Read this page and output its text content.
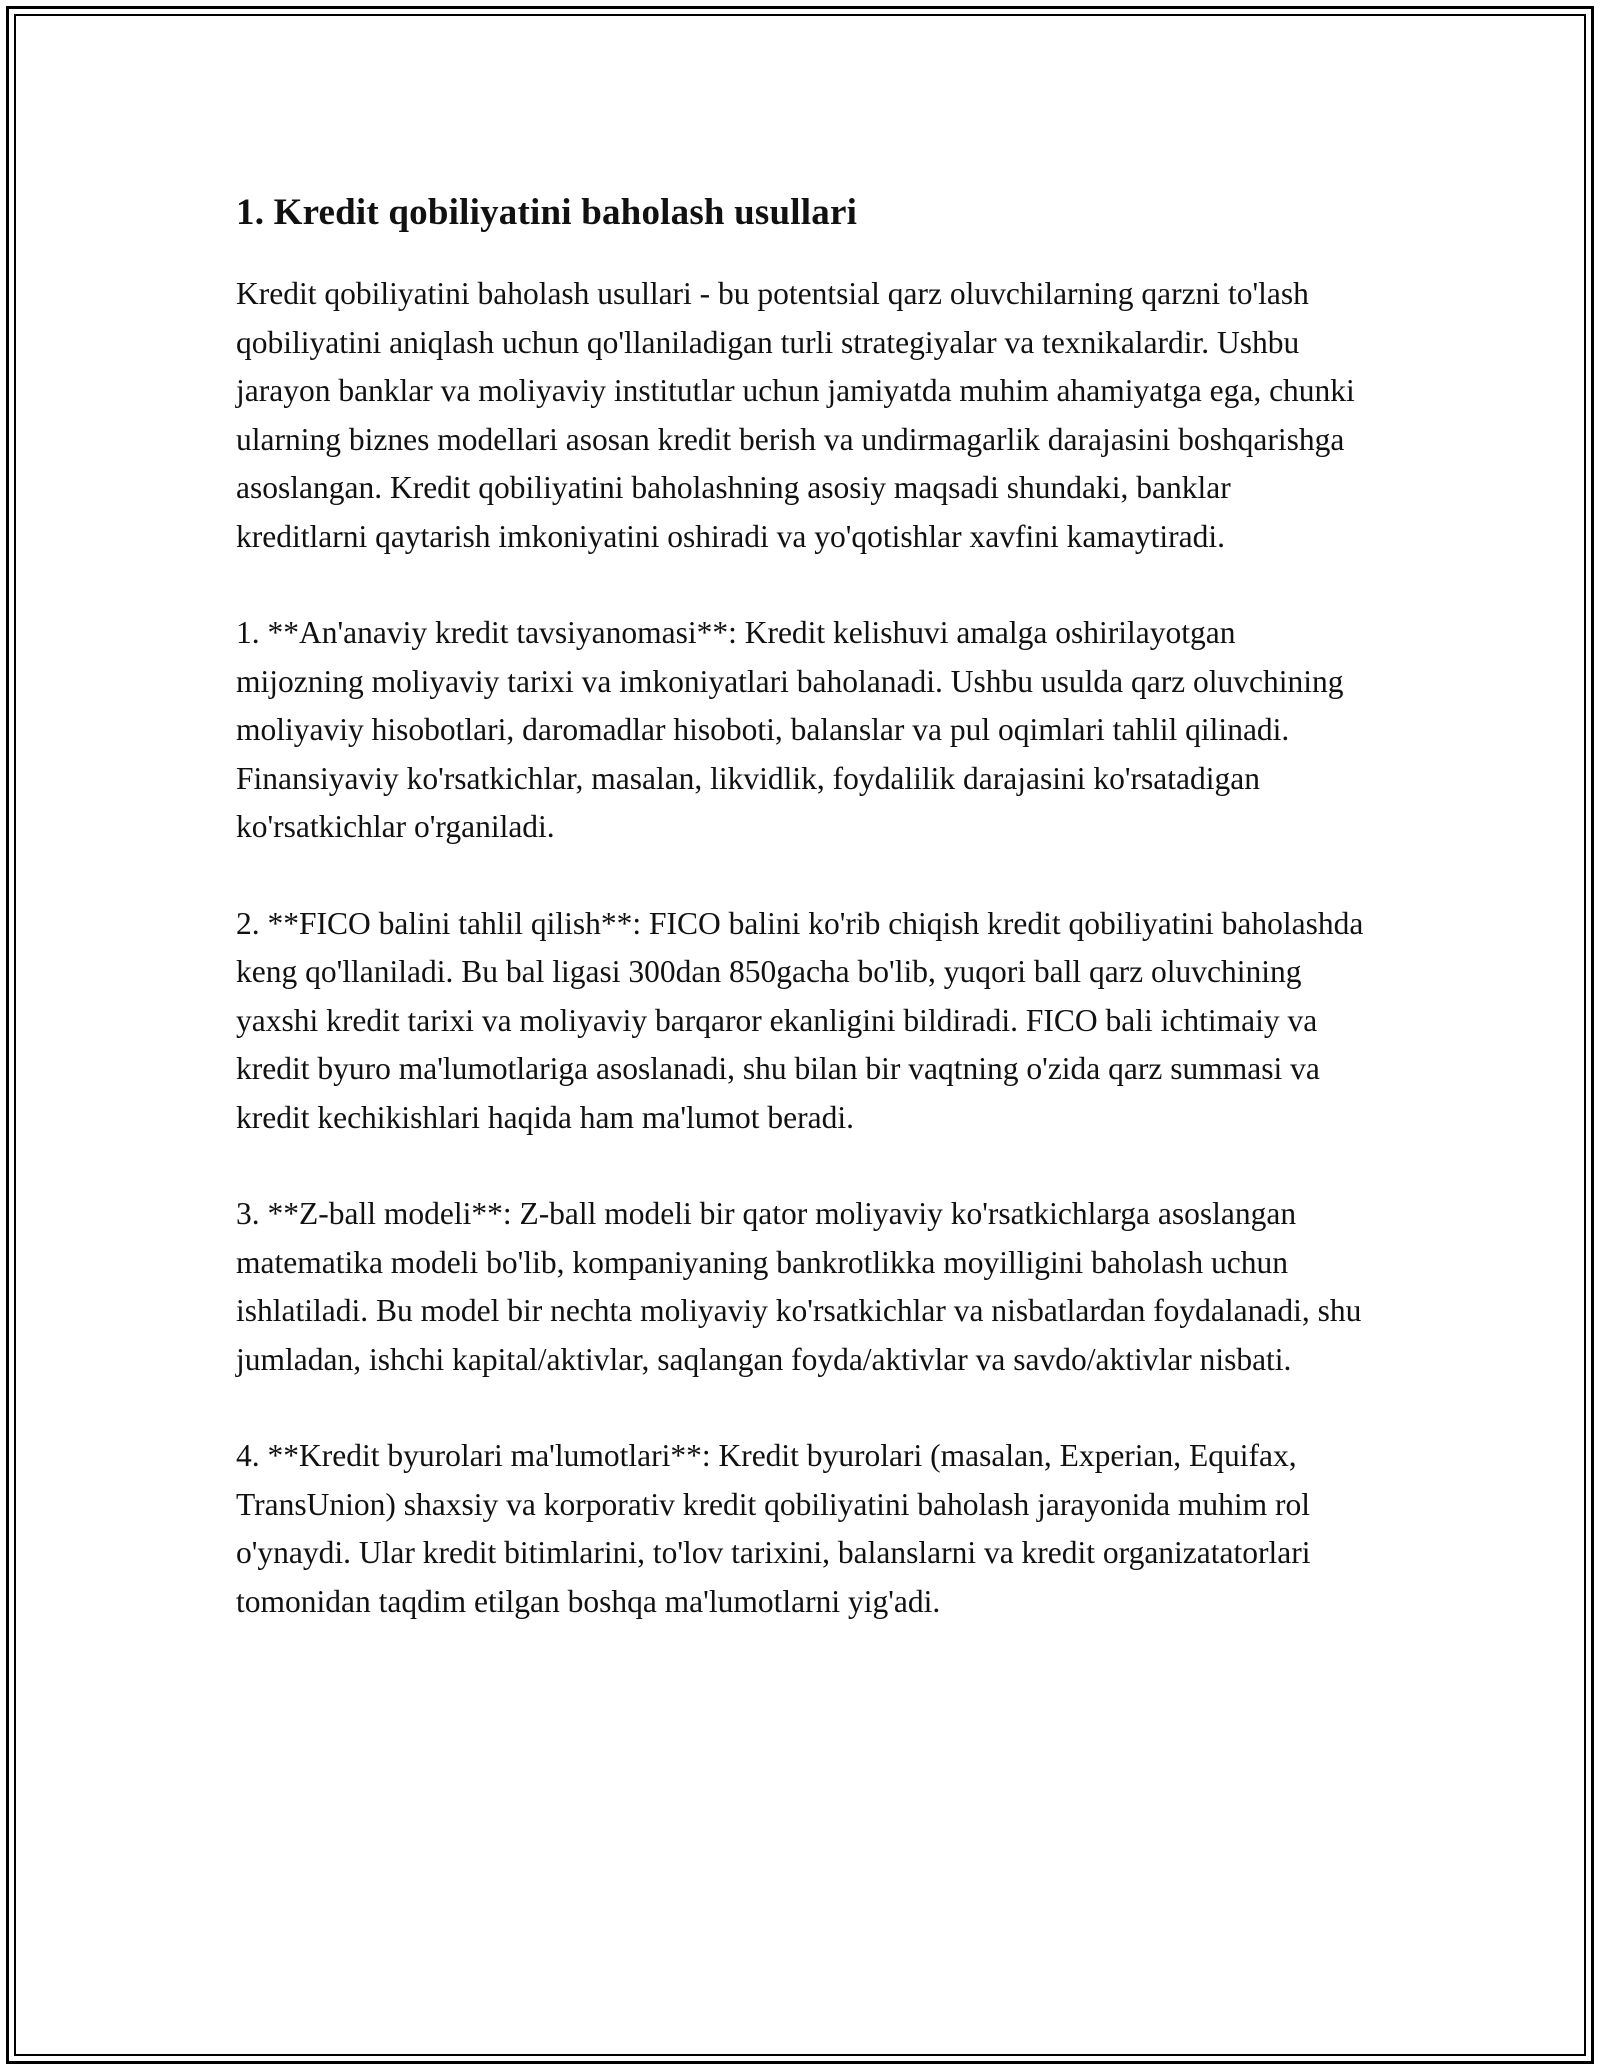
1. Kredit qobiliyatini baholash usullari

Kredit qobiliyatini baholash usullari - bu potentsial qarz oluvchilarning qarzni to'lash qobiliyatini aniqlash uchun qo'llaniladigan turli strategiyalar va texnikalardir. Ushbu jarayon banklar va moliyaviy institutlar uchun jamiyatda muhim ahamiyatga ega, chunki ularning biznes modellari asosan kredit berish va undirmagarlik darajasini boshqarishga asoslangan. Kredit qobiliyatini baholashning asosiy maqsadi shundaki, banklar kreditlarni qaytarish imkoniyatini oshiradi va yo'qotishlar xavfini kamaytiradi.

1. **An'anaviy kredit tavsiyanomasi**: Kredit kelishuvi amalga oshirilayotgan mijozning moliyaviy tarixi va imkoniyatlari baholanadi. Ushbu usulda qarz oluvchining moliyaviy hisobotlari, daromadlar hisoboti, balanslar va pul oqimlari tahlil qilinadi. Finansiyaviy ko'rsatkichlar, masalan, likvidlik, foydalilik darajasini ko'rsatadigan ko'rsatkichlar o'rganiladi.

2. **FICO balini tahlil qilish**: FICO balini ko'rib chiqish kredit qobiliyatini baholashda keng qo'llaniladi. Bu bal ligasi 300dan 850gacha bo'lib, yuqori ball qarz oluvchining yaxshi kredit tarixi va moliyaviy barqaror ekanligini bildiradi. FICO bali ichtimaiy va kredit byuro ma'lumotlariga asoslanadi, shu bilan bir vaqtning o'zida qarz summasi va kredit kechikishlari haqida ham ma'lumot beradi.

3. **Z-ball modeli**: Z-ball modeli bir qator moliyaviy ko'rsatkichlarga asoslangan matematika modeli bo'lib, kompaniyaning bankrotlikka moyilligini baholash uchun ishlatiladi. Bu model bir nechta moliyaviy ko'rsatkichlar va nisbatlardan foydalanadi, shu jumladan, ishchi kapital/aktivlar, saqlangan foyda/aktivlar va savdo/aktivlar nisbati.

4. **Kredit byurolari ma'lumotlari**: Kredit byurolari (masalan, Experian, Equifax, TransUnion) shaxsiy va korporativ kredit qobiliyatini baholash jarayonida muhim rol o'ynaydi. Ular kredit bitimlarini, to'lov tarixini, balanslarni va kredit organizatatorlari tomonidan taqdim etilgan boshqa ma'lumotlarni yig'adi.
